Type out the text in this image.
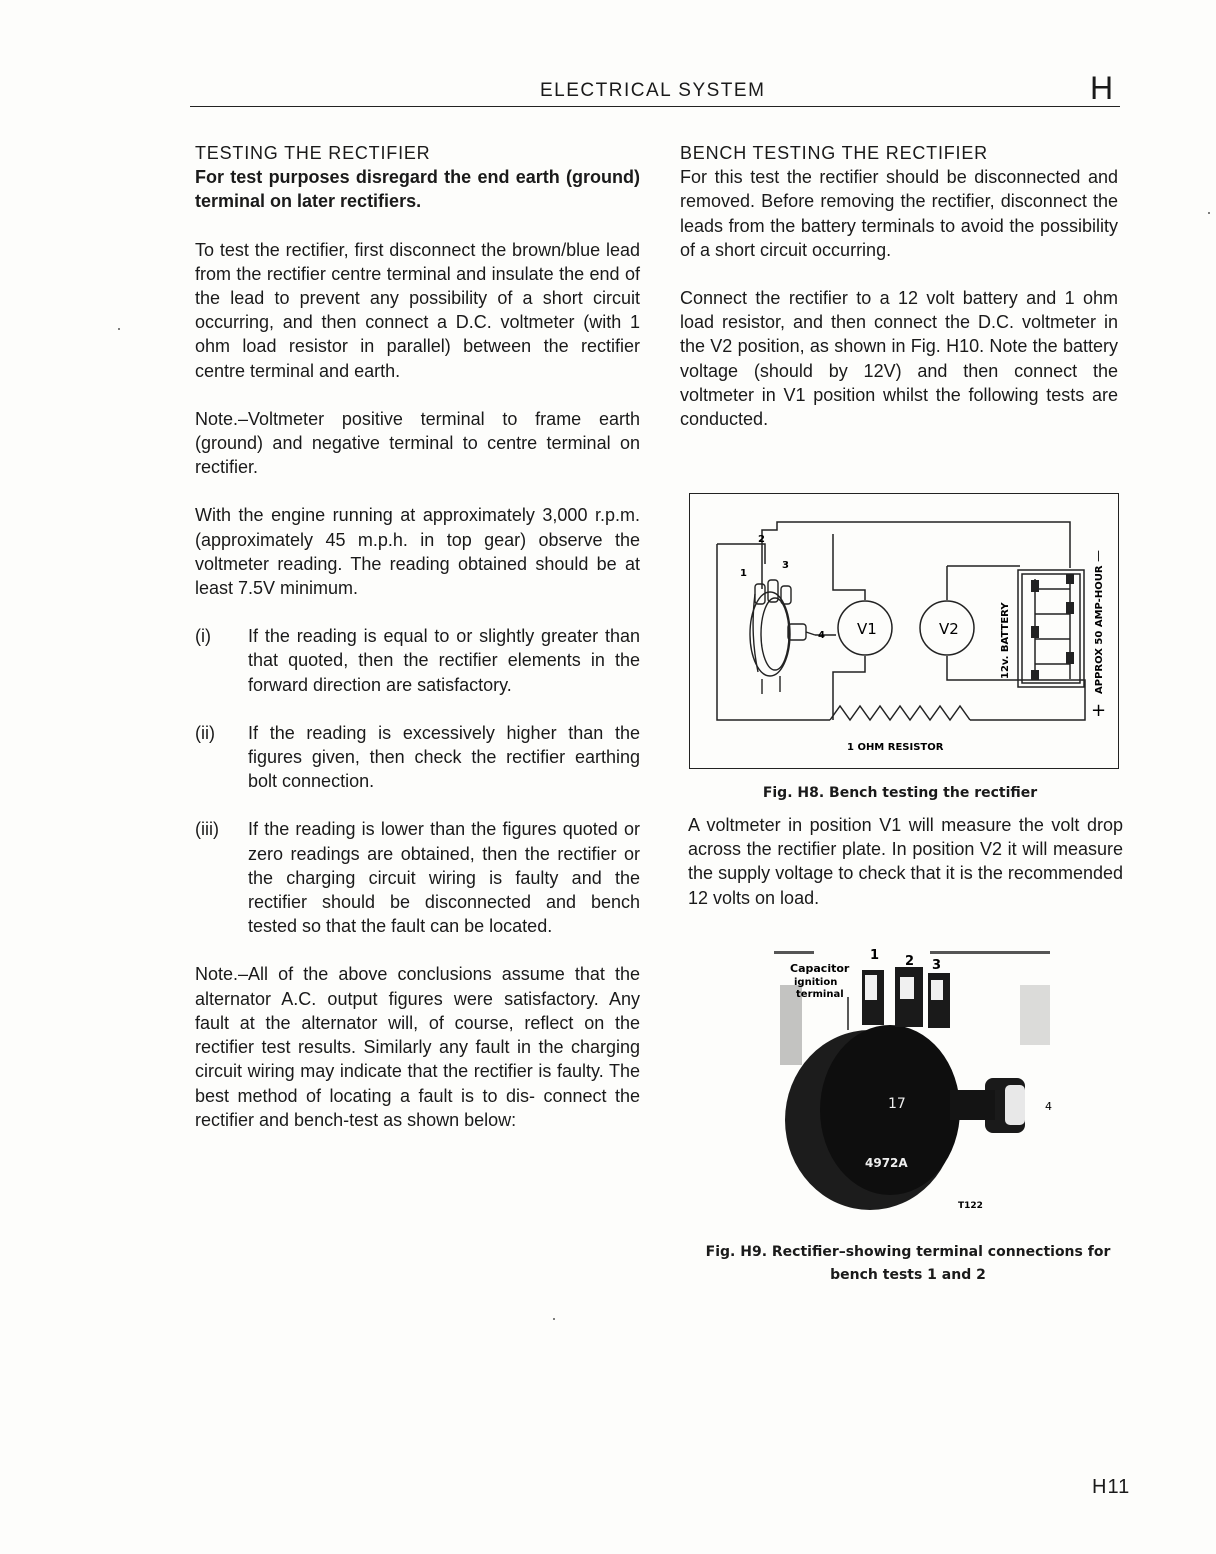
ELECTRICAL SYSTEM	H

TESTING THE RECTIFIER

For test purposes disregard the end earth (ground) terminal on later rectifiers.

To test the rectifier, first disconnect the brown/blue lead from the rectifier centre terminal and insulate the end of the lead to prevent any possibility of a short circuit occurring, and then connect a D.C. voltmeter (with 1 ohm load resistor in parallel) between the rectifier centre terminal and earth.

Note.–Voltmeter positive terminal to frame earth (ground) and negative terminal to centre terminal on rectifier.

With the engine running at approximately 3,000 r.p.m. (approximately 45 m.p.h. in top gear) observe the voltmeter reading. The reading obtained should be at least 7.5V minimum.

(i)	If the reading is equal to or slightly greater than that quoted, then the rectifier elements in the forward direction are satisfactory.
(ii)	If the reading is excessively higher than the figures given, then check the rectifier earthing bolt connection.
(iii)	If the reading is lower than the figures quoted or zero readings are obtained, then the rectifier or the charging circuit wiring is faulty and the rectifier should be disconnected and bench tested so that the fault can be located.

Note.–All of the above conclusions assume that the alternator A.C. output figures were satisfactory. Any fault at the alternator will, of course, reflect on the rectifier test results. Similarly any fault in the charging circuit wiring may indicate that the rectifier is faulty. The best method of locating a fault is to dis- connect the rectifier and bench-test as shown below:

BENCH TESTING THE RECTIFIER

For this test the rectifier should be disconnected and removed. Before removing the rectifier, disconnect the leads from the battery terminals to avoid the possibility of a short circuit occurring.

Connect the rectifier to a 12 volt battery and 1 ohm load resistor, and then connect the D.C. voltmeter in the V2 position, as shown in Fig. H10. Note the battery voltage (should by 12V) and then connect the voltmeter in V1 position whilst the following tests are conducted.

2
1
3
4 V1	V2	12v. BATTERY	APPROX 50 AMP-HOUR
—
+
1 OHM RESISTOR
Fig. H8. Bench testing the rectifier
A voltmeter in position V1 will measure the volt drop across the rectifier plate. In position V2 it will measure the supply voltage to check that it is the recommended 12 volts on load.
17
4972A
1 2 3
4
Capacitor
ignition
terminal
T122
Fig. H9. Rectifier–showing terminal connections for
bench tests 1 and 2
H11
